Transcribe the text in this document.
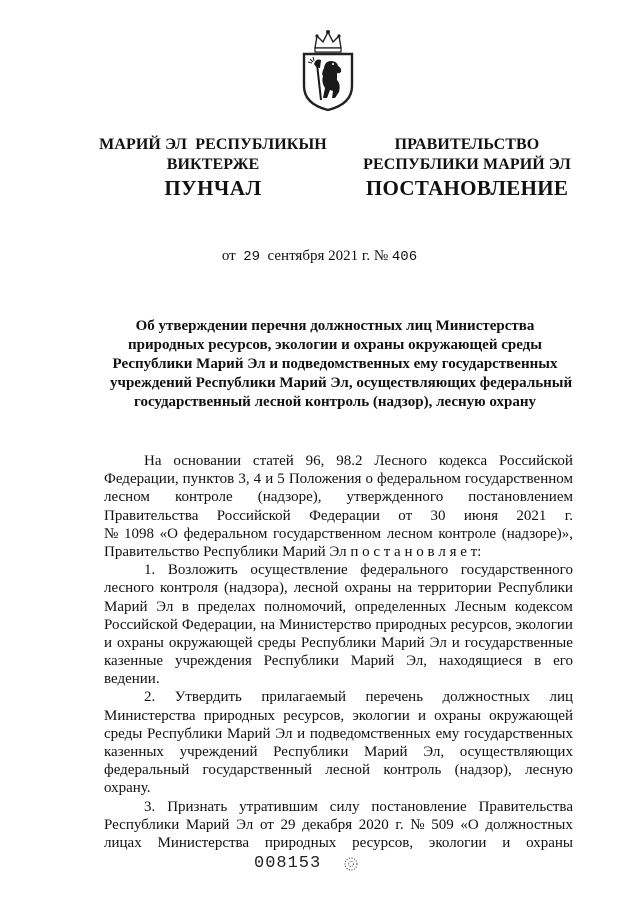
МАРИЙ ЭЛ  РЕСПУБЛИКЫН
ВИКТЕРЖЕ
ПРАВИТЕЛЬСТВО
РЕСПУБЛИКИ МАРИЙ ЭЛ
ПУНЧАЛ	ПОСТАНОВЛЕНИЕ
от 29 сентября 2021 г. № 406
Об утверждении перечня должностных лиц Министерства
природных ресурсов, экологии и охраны окружающей среды
Республики Марий Эл и подведомственных ему государственных
учреждений Республики Марий Эл, осуществляющих федеральный
государственный лесной контроль (надзор), лесную охрану
На основании статей 96, 98.2 Лесного кодекса Российской
Федерации, пунктов 3, 4 и 5 Положения о федеральном государственном
лесном контроле (надзоре), утвержденного постановлением
Правительства Российской Федерации от 30 июня 2021 г.
№ 1098 «О федеральном государственном лесном контроле (надзоре)»,
Правительство Республики Марий Эл п о с т а н о в л я е т:
1. Возложить осуществление федерального государственного
лесного контроля (надзора), лесной охраны на территории Республики
Марий Эл в пределах полномочий, определенных Лесным кодексом
Российской Федерации, на Министерство природных ресурсов, экологии
и охраны окружающей среды Республики Марий Эл и государственные
казенные учреждения Республики Марий Эл, находящиеся в его
ведении.
2. Утвердить прилагаемый перечень должностных лиц
Министерства природных ресурсов, экологии и охраны окружающей
среды Республики Марий Эл и подведомственных ему государственных
казенных учреждений Республики Марий Эл, осуществляющих
федеральный государственный лесной контроль (надзор), лесную
охрану.
3. Признать утратившим силу постановление Правительства
Республики Марий Эл от 29 декабря 2020 г. № 509 «О должностных
лицах Министерства природных ресурсов, экологии и охраны
008153
